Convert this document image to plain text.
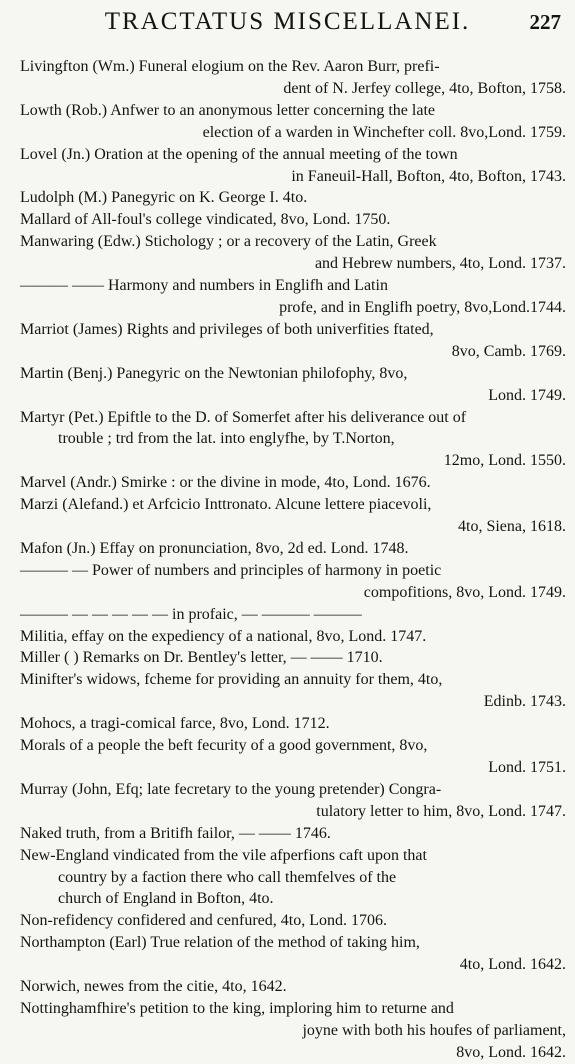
TRACTATUS MISCELLANEI.	227

Livingfton (Wm.) Funeral elogium on the Rev. Aaron Burr, prefi-
dent of N. Jerfey college, 4to, Bofton, 1758.

Lowth (Rob.) Anfwer to an anonymous letter concerning the late
election of a warden in Winchefter coll. 8vo,Lond. 1759.

Lovel (Jn.) Oration at the opening of the annual meeting of the town
in Faneuil-Hall, Bofton, 4to, Bofton, 1743.

Ludolph (M.) Panegyric on K. George I. 4to.

Mallard of All-foul's college vindicated, 8vo, Lond. 1750.

Manwaring (Edw.) Stichology ; or a recovery of the Latin, Greek
and Hebrew numbers, 4to, Lond. 1737.

——— —— Harmony and numbers in Englifh and Latin
profe, and in Englifh poetry, 8vo,Lond.1744.

Marriot (James) Rights and privileges of both univerfities ftated,
8vo, Camb. 1769.

Martin (Benj.) Panegyric on the Newtonian philofophy, 8vo,
Lond. 1749.

Martyr (Pet.) Epiftle to the D. of Somerfet after his deliverance out of
trouble ; trd from the lat. into englyfhe, by T.Norton,
12mo, Lond. 1550.

Marvel (Andr.) Smirke : or the divine in mode, 4to, Lond. 1676.

Marzi (Alefand.) et Arfcicio Inttronato. Alcune lettere piacevoli,
4to, Siena, 1618.

Mafon (Jn.) Effay on pronunciation, 8vo, 2d ed. Lond. 1748.

——— — Power of numbers and principles of harmony in poetic
compofitions, 8vo, Lond. 1749.

——— — — — — — in profaic, — ——— ———

Militia, effay on the expediency of a national, 8vo, Lond. 1747.

Miller ( ) Remarks on Dr. Bentley's letter, — —— 1710.

Minifter's widows, fcheme for providing an annuity for them, 4to,
Edinb. 1743.

Mohocs, a tragi-comical farce, 8vo, Lond. 1712.

Morals of a people the beft fecurity of a good government, 8vo,
Lond. 1751.

Murray (John, Efq; late fecretary to the young pretender) Congra-
tulatory letter to him, 8vo, Lond. 1747.

Naked truth, from a Britifh failor, — —— 1746.

New-England vindicated from the vile afperfions caft upon that
country by a faction there who call themfelves of the
church of England in Bofton, 4to.

Non-refidency confidered and cenfured, 4to, Lond. 1706.

Northampton (Earl) True relation of the method of taking him,
4to, Lond. 1642.

Norwich, newes from the citie, 4to, 1642.

Nottinghamfhire's petition to the king, imploring him to returne and
joyne with both his houfes of parliament,
8vo, Lond. 1642.
